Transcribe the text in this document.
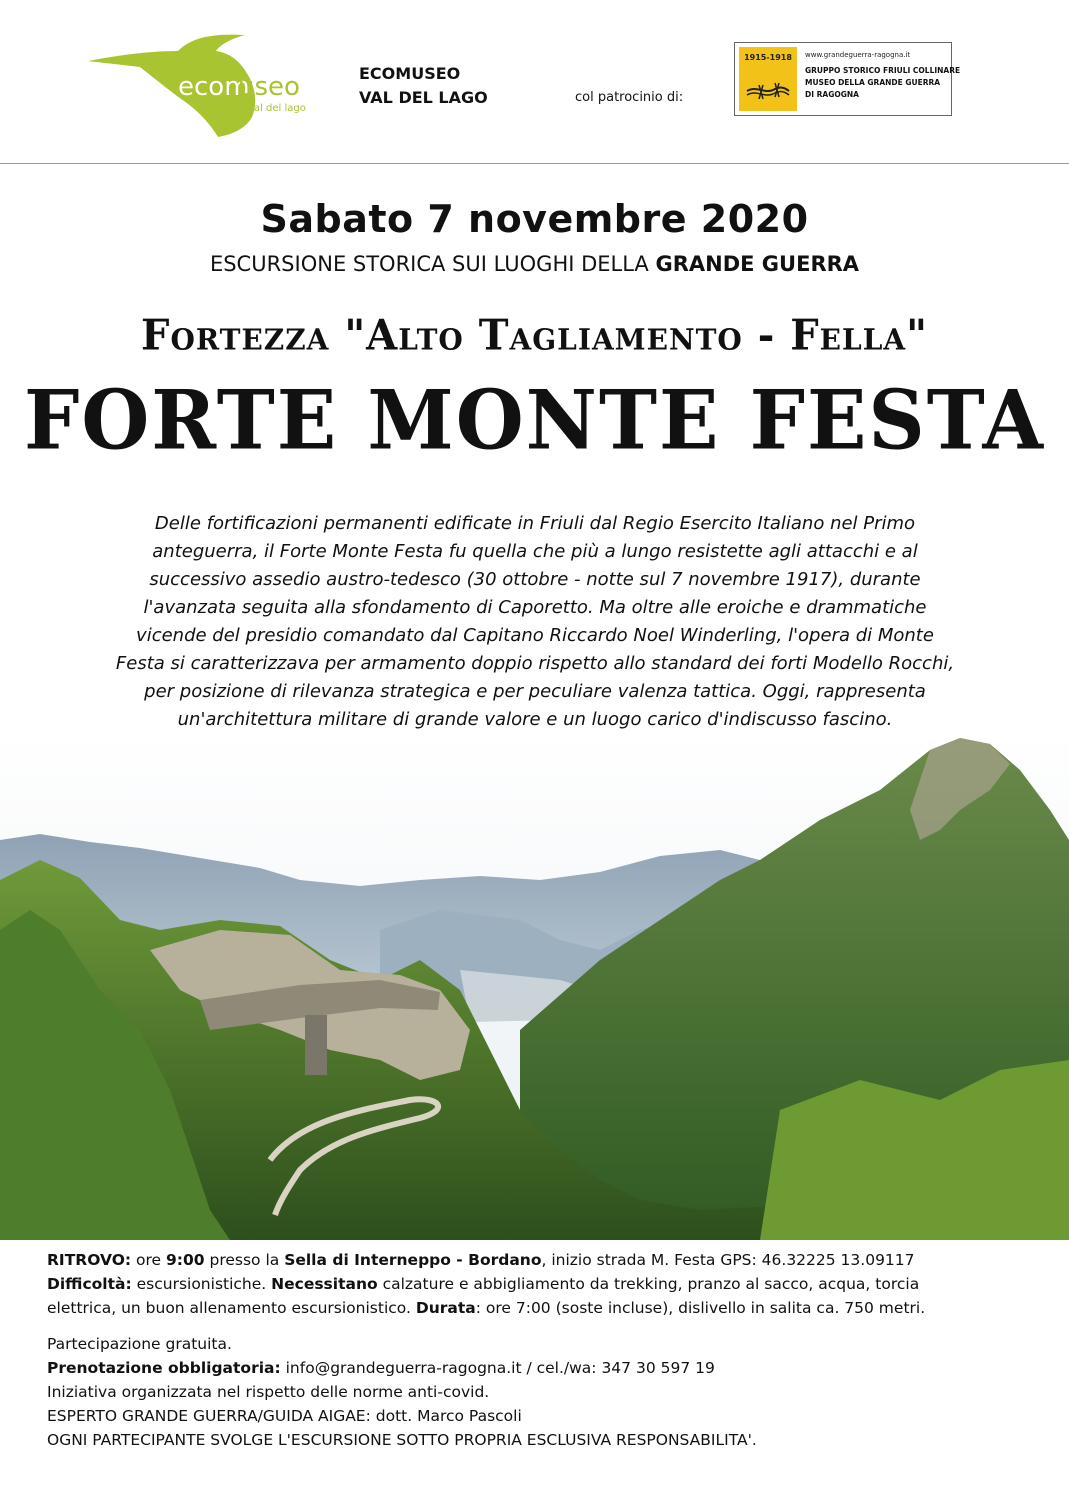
ecom
useo
val del lago
ECOMUSEO
VAL DEL LAGO	col patrocinio di:
1915-1918	www.grandeguerra-ragogna.it
GRUPPO STORICO FRIULI COLLINARE
MUSEO DELLA GRANDE GUERRA
DI RAGOGNA
Sabato 7 novembre 2020
ESCURSIONE STORICA SUI LUOGHI DELLA GRANDE GUERRA
Fortezza "Alto Tagliamento - Fella"
FORTE MONTE FESTA
Delle fortificazioni permanenti edificate in Friuli dal Regio Esercito Italiano nel Primo
anteguerra, il Forte Monte Festa fu quella che più a lungo resistette agli attacchi e al
successivo assedio austro-tedesco (30 ottobre - notte sul 7 novembre 1917), durante
l'avanzata seguita alla sfondamento di Caporetto. Ma oltre alle eroiche e drammatiche
vicende del presidio comandato dal Capitano Riccardo Noel Winderling, l'opera di Monte
Festa si caratterizzava per armamento doppio rispetto allo standard dei forti Modello Rocchi,
per posizione di rilevanza strategica e per peculiare valenza tattica. Oggi, rappresenta
un'architettura militare di grande valore e un luogo carico d'indiscusso fascino.

RITROVO: ore 9:00 presso la Sella di Interneppo - Bordano, inizio strada M. Festa GPS: 46.32225 13.09117

Difficoltà: escursionistiche. Necessitano calzature e abbigliamento da trekking, pranzo al sacco, acqua, torcia

elettrica, un buon allenamento escursionistico. Durata: ore 7:00 (soste incluse), dislivello in salita ca. 750 metri.

Partecipazione gratuita.

Prenotazione obbligatoria: info@grandeguerra-ragogna.it / cel./wa: 347 30 597 19

Iniziativa organizzata nel rispetto delle norme anti-covid.

ESPERTO GRANDE GUERRA/GUIDA AIGAE: dott. Marco Pascoli

OGNI PARTECIPANTE SVOLGE L'ESCURSIONE SOTTO PROPRIA ESCLUSIVA RESPONSABILITA'.
